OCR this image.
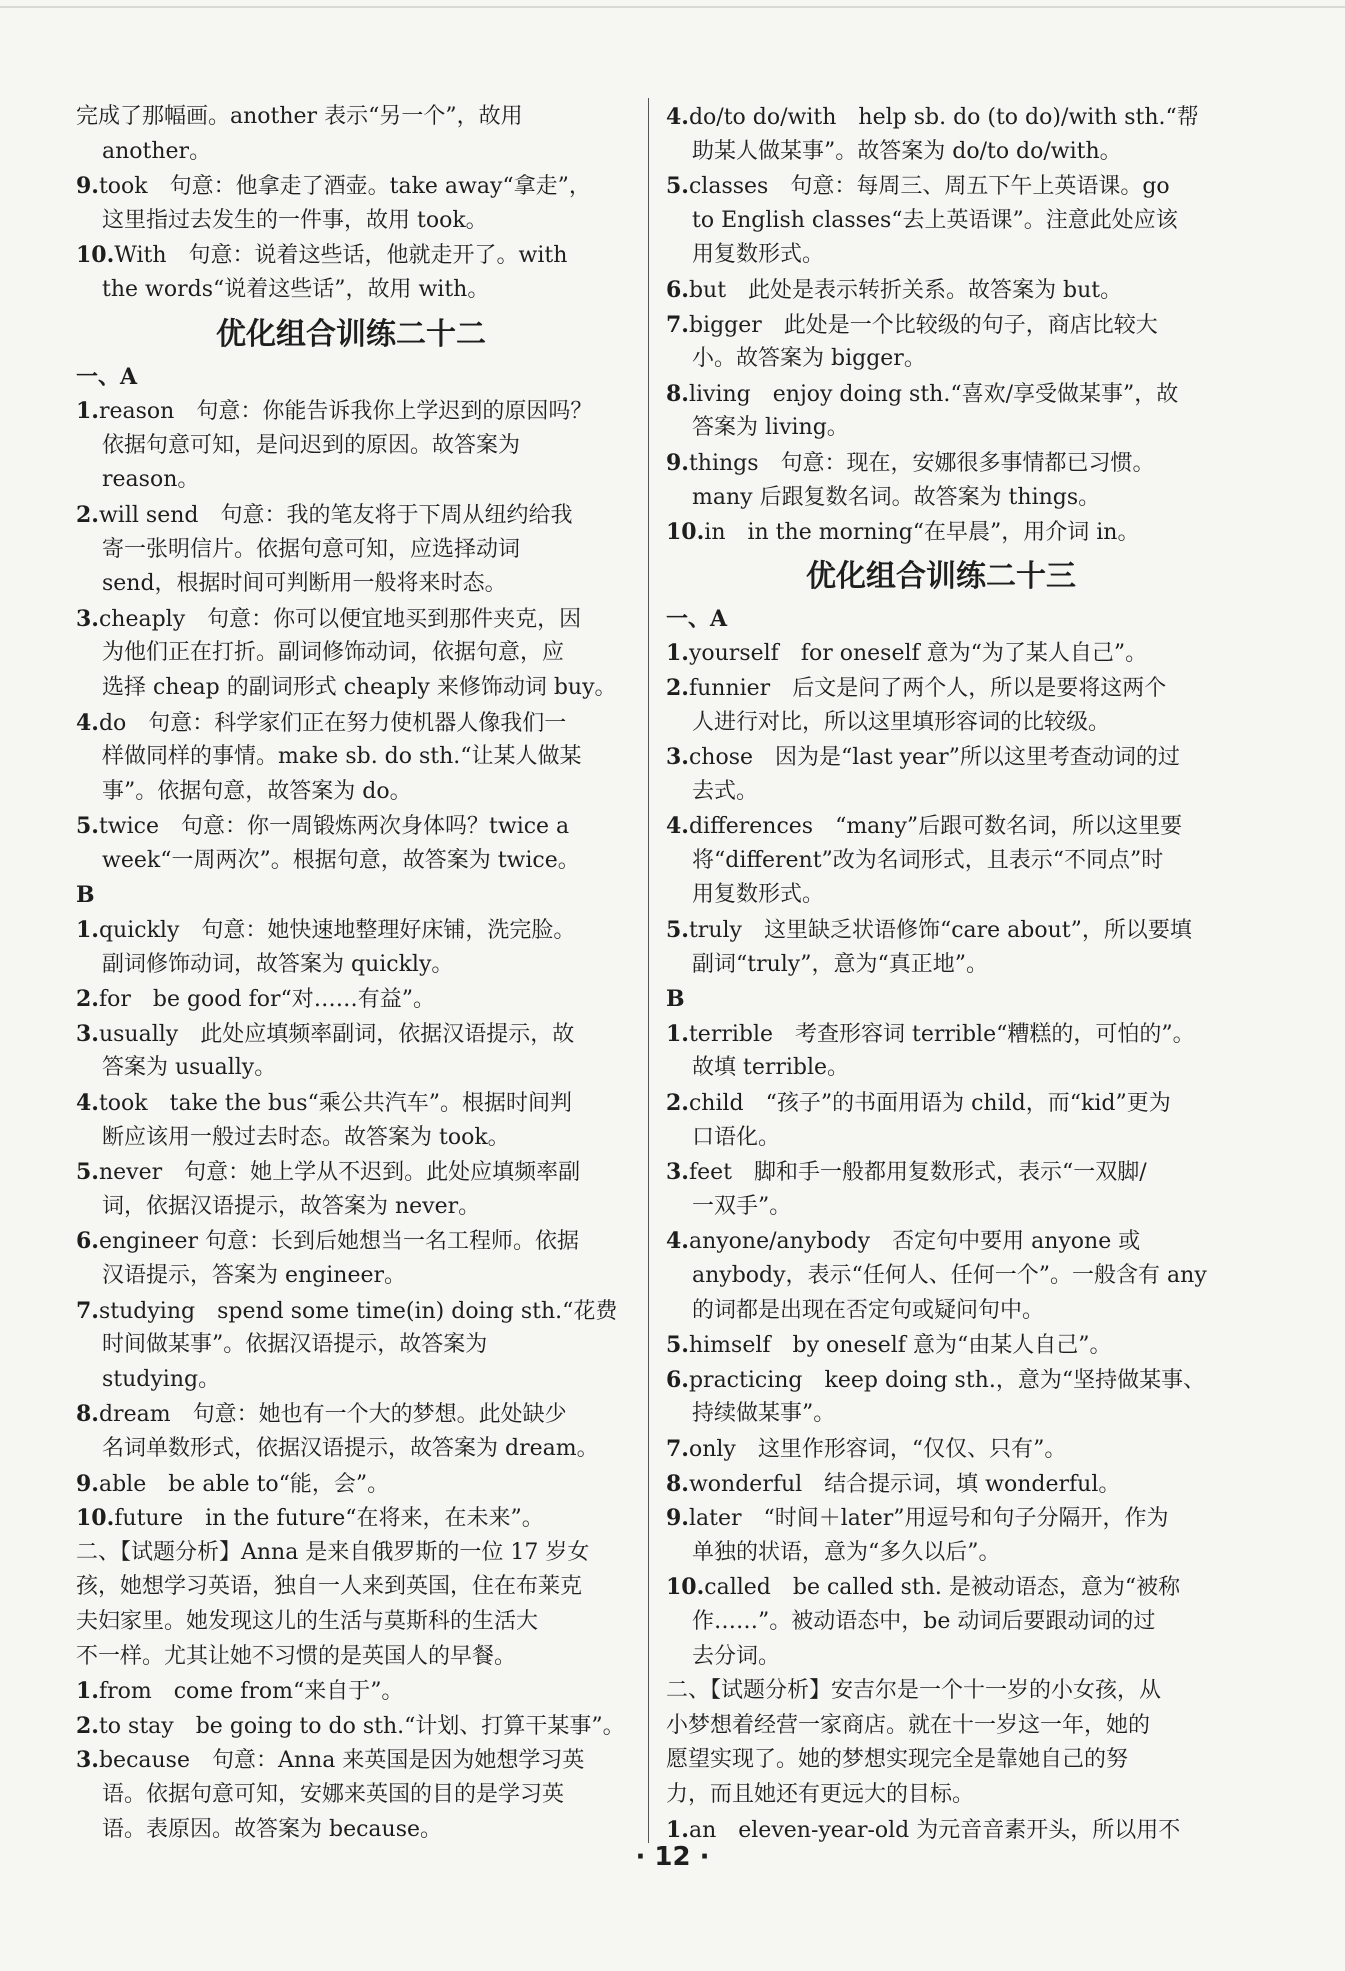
完成了那幅画。another 表示“另一个”，故用
another。
9.took　句意：他拿走了酒壶。take away“拿走”，
这里指过去发生的一件事，故用 took。
10.With　句意：说着这些话，他就走开了。with
the words“说着这些话”，故用 with。
优化组合训练二十二
一、A
1.reason　句意：你能告诉我你上学迟到的原因吗？
依据句意可知，是问迟到的原因。故答案为
reason。
2.will send　句意：我的笔友将于下周从纽约给我
寄一张明信片。依据句意可知，应选择动词
send，根据时间可判断用一般将来时态。
3.cheaply　句意：你可以便宜地买到那件夹克，因
为他们正在打折。副词修饰动词，依据句意，应
选择 cheap 的副词形式 cheaply 来修饰动词 buy。
4.do　句意：科学家们正在努力使机器人像我们一
样做同样的事情。make sb. do sth.“让某人做某
事”。依据句意，故答案为 do。
5.twice　句意：你一周锻炼两次身体吗？twice a
week“一周两次”。根据句意，故答案为 twice。
B
1.quickly　句意：她快速地整理好床铺，洗完脸。
副词修饰动词，故答案为 quickly。
2.for　be good for“对……有益”。
3.usually　此处应填频率副词，依据汉语提示，故
答案为 usually。
4.took　take the bus“乘公共汽车”。根据时间判
断应该用一般过去时态。故答案为 took。
5.never　句意：她上学从不迟到。此处应填频率副
词，依据汉语提示，故答案为 never。
6.engineer 句意：长到后她想当一名工程师。依据
汉语提示，答案为 engineer。
7.studying　spend some time(in) doing sth.“花费
时间做某事”。依据汉语提示，故答案为
studying。
8.dream　句意：她也有一个大的梦想。此处缺少
名词单数形式，依据汉语提示，故答案为 dream。
9.able　be able to“能，会”。
10.future　in the future“在将来，在未来”。
二、【试题分析】Anna 是来自俄罗斯的一位 17 岁女
孩，她想学习英语，独自一人来到英国，住在布莱克
夫妇家里。她发现这儿的生活与莫斯科的生活大
不一样。尤其让她不习惯的是英国人的早餐。
1.from　come from“来自于”。
2.to stay　be going to do sth.“计划、打算干某事”。
3.because　句意：Anna 来英国是因为她想学习英
语。依据句意可知，安娜来英国的目的是学习英
语。表原因。故答案为 because。
4.do/to do/with　help sb. do (to do)/with sth.“帮
助某人做某事”。故答案为 do/to do/with。
5.classes　句意：每周三、周五下午上英语课。go
to English classes“去上英语课”。注意此处应该
用复数形式。
6.but　此处是表示转折关系。故答案为 but。
7.bigger　此处是一个比较级的句子，商店比较大
小。故答案为 bigger。
8.living　enjoy doing sth.“喜欢/享受做某事”，故
答案为 living。
9.things　句意：现在，安娜很多事情都已习惯。
many 后跟复数名词。故答案为 things。
10.in　in the morning“在早晨”，用介词 in。
优化组合训练二十三
一、A
1.yourself　for oneself 意为“为了某人自己”。
2.funnier　后文是问了两个人，所以是要将这两个
人进行对比，所以这里填形容词的比较级。
3.chose　因为是“last year”所以这里考查动词的过
去式。
4.differences　“many”后跟可数名词，所以这里要
将“different”改为名词形式，且表示“不同点”时
用复数形式。
5.truly　这里缺乏状语修饰“care about”，所以要填
副词“truly”，意为“真正地”。
B
1.terrible　考查形容词 terrible“糟糕的，可怕的”。
故填 terrible。
2.child　“孩子”的书面用语为 child，而“kid”更为
口语化。
3.feet　脚和手一般都用复数形式，表示“一双脚/
一双手”。
4.anyone/anybody　否定句中要用 anyone 或
anybody，表示“任何人、任何一个”。一般含有 any
的词都是出现在否定句或疑问句中。
5.himself　by oneself 意为“由某人自己”。
6.practicing　keep doing sth.，意为“坚持做某事、
持续做某事”。
7.only　这里作形容词，“仅仅、只有”。
8.wonderful　结合提示词，填 wonderful。
9.later　“时间＋later”用逗号和句子分隔开，作为
单独的状语，意为“多久以后”。
10.called　be called sth. 是被动语态，意为“被称
作……”。被动语态中，be 动词后要跟动词的过
去分词。
二、【试题分析】安吉尔是一个十一岁的小女孩，从
小梦想着经营一家商店。就在十一岁这一年，她的
愿望实现了。她的梦想实现完全是靠她自己的努
力，而且她还有更远大的目标。
1.an　eleven-year-old 为元音音素开头，所以用不
· 12 ·
